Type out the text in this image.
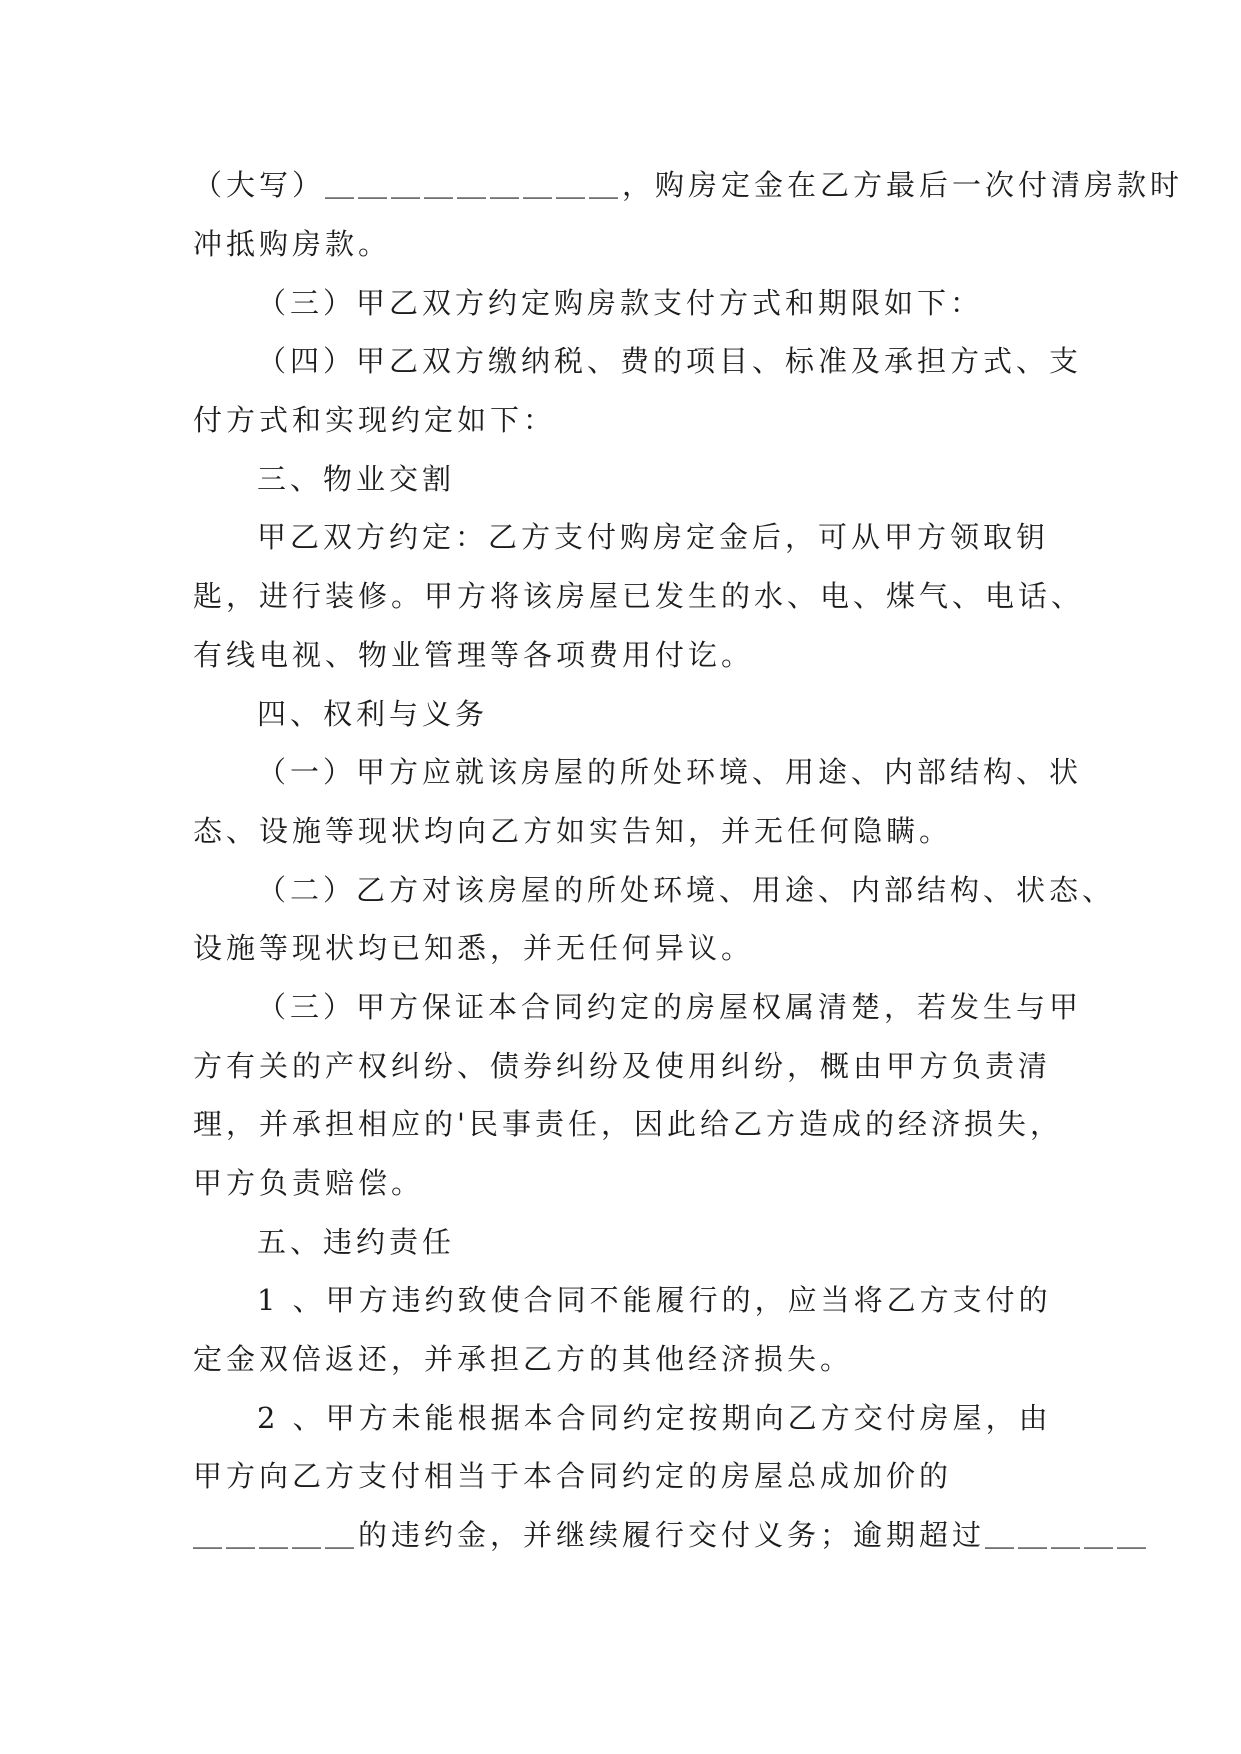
（大写）＿＿＿＿＿＿＿＿＿，购房定金在乙方最后一次付清房款时
冲抵购房款。
（三）甲乙双方约定购房款支付方式和期限如下：
（四）甲乙双方缴纳税、费的项目、标准及承担方式、支
付方式和实现约定如下：
三、物业交割
甲乙双方约定：乙方支付购房定金后，可从甲方领取钥
匙，进行装修。甲方将该房屋已发生的水、电、煤气、电话、
有线电视、物业管理等各项费用付讫。
四、权利与义务
（一）甲方应就该房屋的所处环境、用途、内部结构、状
态、设施等现状均向乙方如实告知，并无任何隐瞒。
（二）乙方对该房屋的所处环境、用途、内部结构、状态、
设施等现状均已知悉，并无任何异议。
（三）甲方保证本合同约定的房屋权属清楚，若发生与甲
方有关的产权纠纷、债券纠纷及使用纠纷，概由甲方负责清
理，并承担相应的'民事责任，因此给乙方造成的经济损失，
甲方负责赔偿。
五、违约责任
1 、甲方违约致使合同不能履行的，应当将乙方支付的
定金双倍返还，并承担乙方的其他经济损失。
2 、甲方未能根据本合同约定按期向乙方交付房屋，由
甲方向乙方支付相当于本合同约定的房屋总成加价的
＿＿＿＿＿的违约金，并继续履行交付义务；逾期超过＿＿＿＿＿
